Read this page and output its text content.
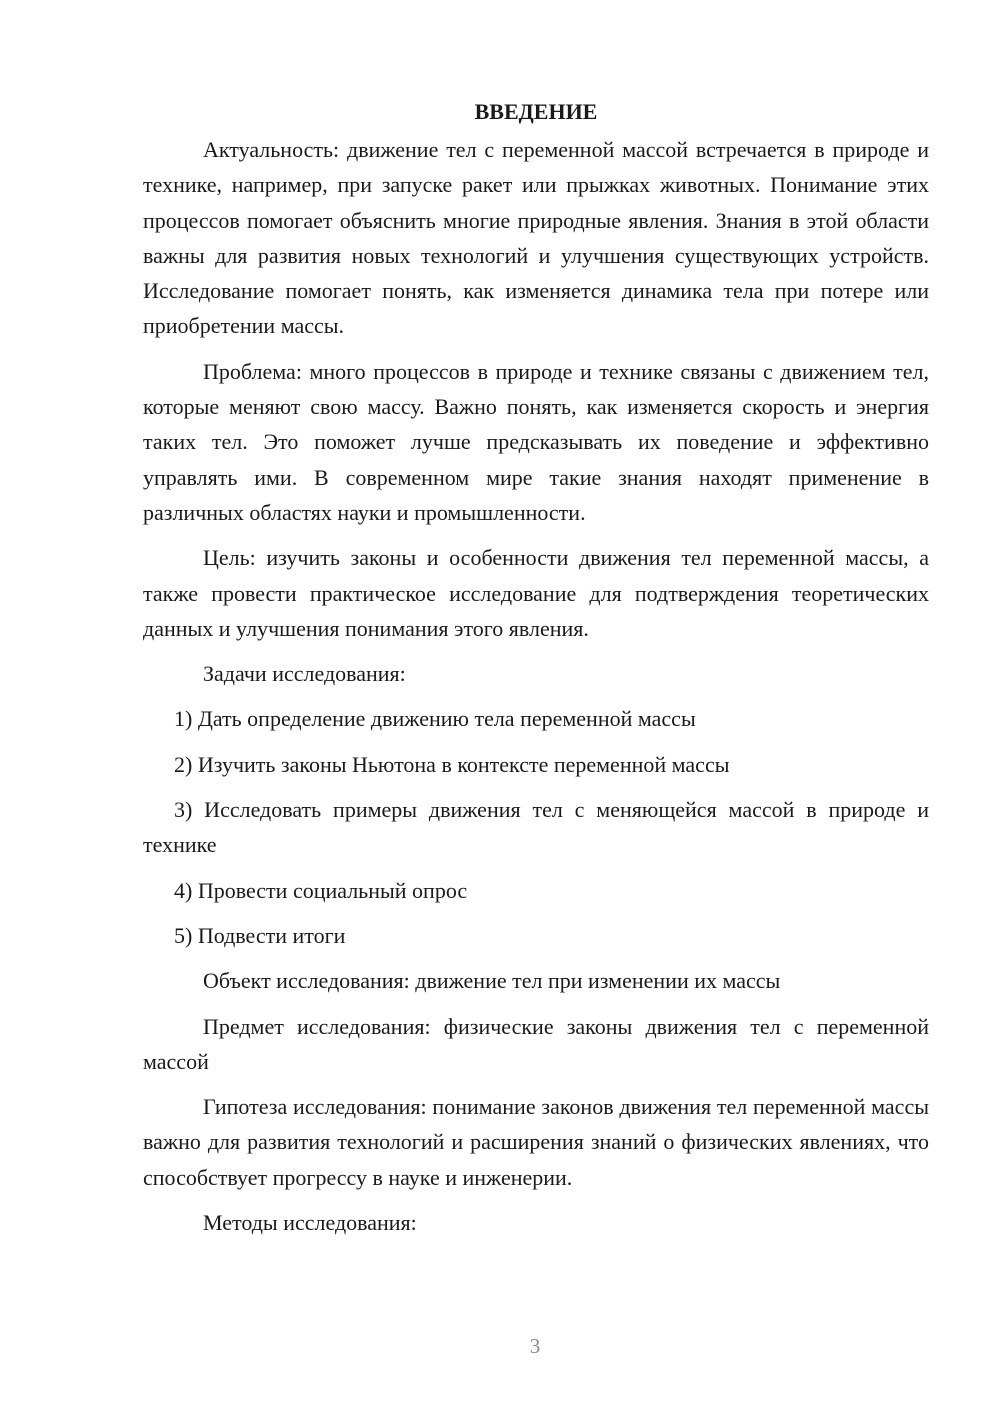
ВВЕДЕНИЕ

Актуальность: движение тел с переменной массой встречается в природе и технике, например, при запуске ракет или прыжках животных. Понимание этих процессов помогает объяснить многие природные явления. Знания в этой области важны для развития новых технологий и улучшения существующих устройств. Исследование помогает понять, как изменяется динамика тела при потере или приобретении массы.

Проблема: много процессов в природе и технике связаны с движением тел, которые меняют свою массу. Важно понять, как изменяется скорость и энергия таких тел. Это поможет лучше предсказывать их поведение и эффективно управлять ими. В современном мире такие знания находят применение в различных областях науки и промышленности.

Цель: изучить законы и особенности движения тел переменной массы, а также провести практическое исследование для подтверждения теоретических данных и улучшения понимания этого явления.

Задачи исследования:

1) Дать определение движению тела переменной массы

2) Изучить законы Ньютона в контексте переменной массы

3) Исследовать примеры движения тел с меняющейся массой в природе и технике

4) Провести социальный опрос

5) Подвести итоги

Объект исследования: движение тел при изменении их массы

Предмет исследования: физические законы движения тел с переменной массой

Гипотеза исследования: понимание законов движения тел переменной массы важно для развития технологий и расширения знаний о физических явлениях, что способствует прогрессу в науке и инженерии.

Методы исследования:

3
